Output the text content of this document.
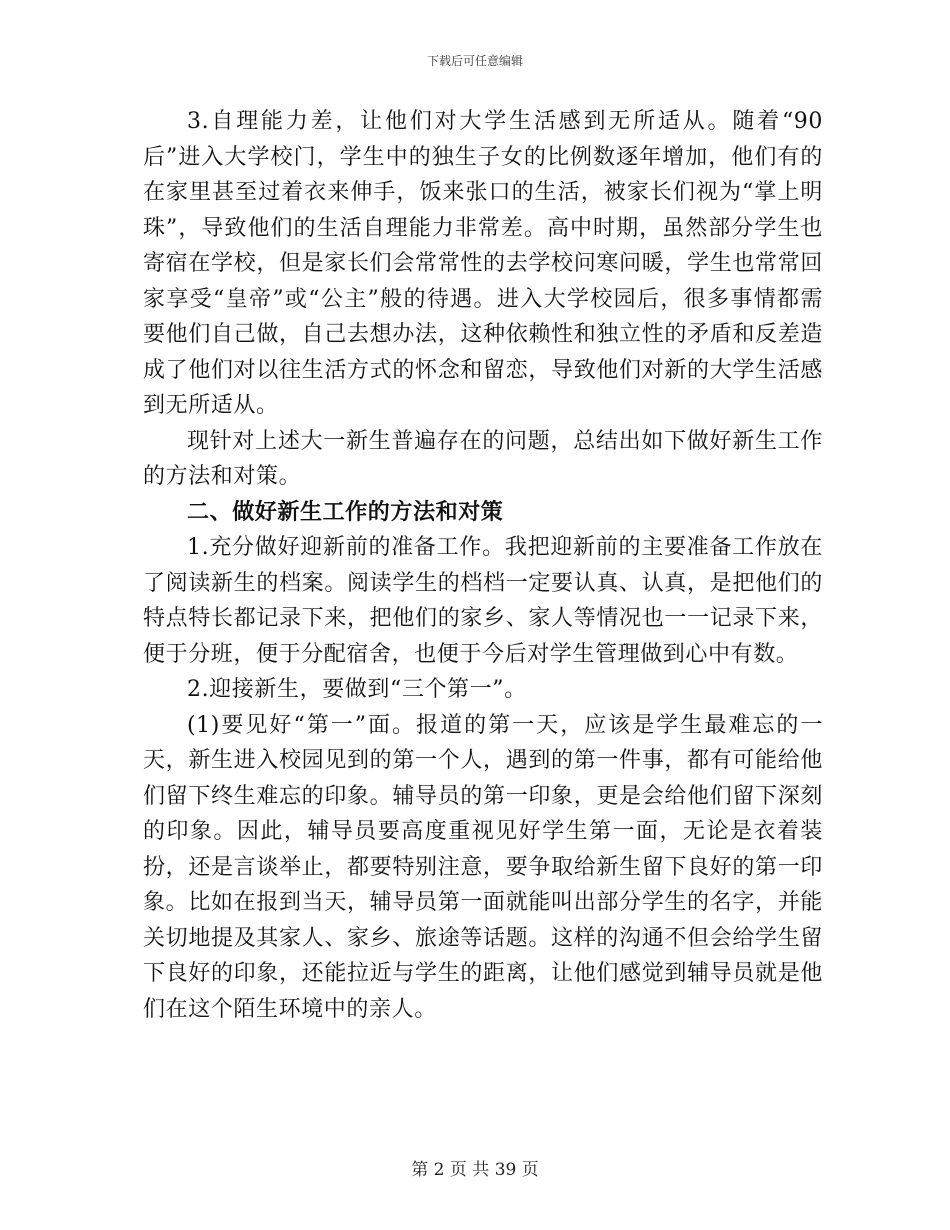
下载后可任意编辑

3.自理能力差，让他们对大学生活感到无所适从。随着“90后”进入大学校门，学生中的独生子女的比例数逐年增加，他们有的在家里甚至过着衣来伸手，饭来张口的生活，被家长们视为“掌上明珠”，导致他们的生活自理能力非常差。高中时期，虽然部分学生也寄宿在学校，但是家长们会常常性的去学校问寒问暖，学生也常常回家享受“皇帝”或“公主”般的待遇。进入大学校园后，很多事情都需要他们自己做，自己去想办法，这种依赖性和独立性的矛盾和反差造成了他们对以往生活方式的怀念和留恋，导致他们对新的大学生活感到无所适从。

现针对上述大一新生普遍存在的问题，总结出如下做好新生工作的方法和对策。

二、做好新生工作的方法和对策

1.充分做好迎新前的准备工作。我把迎新前的主要准备工作放在了阅读新生的档案。阅读学生的档档一定要认真、认真，是把他们的特点特长都记录下来，把他们的家乡、家人等情况也一一记录下来，便于分班，便于分配宿舍，也便于今后对学生管理做到心中有数。

2.迎接新生，要做到“三个第一”。

(1)要见好“第一”面。报道的第一天，应该是学生最难忘的一天，新生进入校园见到的第一个人，遇到的第一件事，都有可能给他们留下终生难忘的印象。辅导员的第一印象，更是会给他们留下深刻的印象。因此，辅导员要高度重视见好学生第一面，无论是衣着装扮，还是言谈举止，都要特别注意，要争取给新生留下良好的第一印象。比如在报到当天，辅导员第一面就能叫出部分学生的名字，并能关切地提及其家人、家乡、旅途等话题。这样的沟通不但会给学生留下良好的印象，还能拉近与学生的距离，让他们感觉到辅导员就是他们在这个陌生环境中的亲人。

第 2 页 共 39 页
